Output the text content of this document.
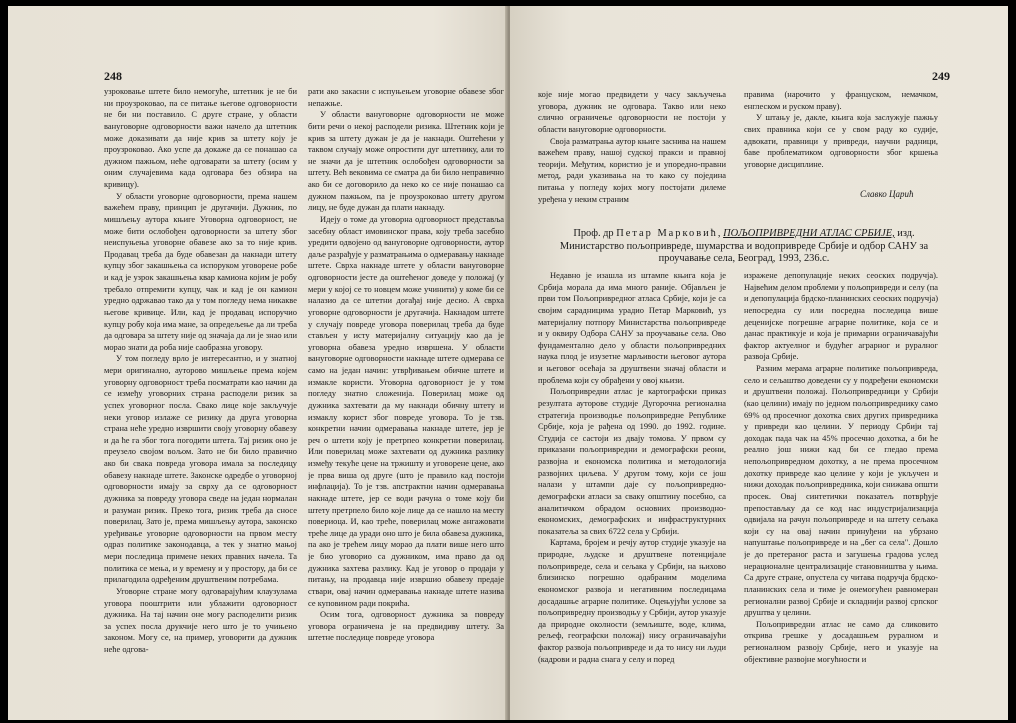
248

узроковање штете било немогуће, штетник је не би ни проузроковао, па се питање његове одговорности не би ни поставило. С друге стране, у области вануговорне одговорности важи начело да штетник може доказивати да није крив за штету коју је проузроковао. Ако успе да докаже да се понашао са дужном пажњом, неће одговарати за штету (осим у оним случајевима када одговара без обзира на кривицу).

У области уговорне одговорности, према нашем важећем праву, принцип је другачији. Дужник, по мишљењу аутора књиге Уговорна одговорност, не може бити ослобођен одговорности за штету због неиспуњења уговорне обавезе ако за то није крив. Продавац треба да буде обавезан да накнади штету купцу због закашњења са испоруком уговорене робе и кад је узрок закашњења квар камиона којим је робу требало отпремити купцу, чак и кад је он камион уредно одржавао тако да у том погледу нема никакве његове кривице. Или, кад је продавац испоручио купцу робу која има мане, за опредељење да ли треба да одговара за штету није од значаја да ли је знао или морао знати да роба није саобразна уговору.

У том погледу врло је интересантно, и у знатној мери оригинално, ауторово мишљење према којем уговорну одговорност треба посматрати као начин да се између уговорних страна расподели ризик за успех уговорног посла. Свако лице које закључује неки уговор излаже се ризику да друга уговорна страна неће уредно извршити своју уговорну обавезу и да ће га због тога погодити штета. Тај ризик оно је преузело својом вољом. Зато не би било правично ако би свака повреда уговора имала за последицу обавезу накнаде штете. Законске одредбе о уговорној одговорности имају за сврху да се одговорност дужника за повреду уговора сведе на један нормалан и разуман ризик. Преко тога, ризик треба да сносе поверилац. Зато је, према мишљењу аутора, законско уређивање уговорне одговорности на првом месту одраз политике законодавца, а тек у знатно мањој мери последица примене неких правних начела. Та политика се мења, и у времену и у простору, да би се прилагодила одређеним друштвеним потребама.

Уговорне стране могу одговарајућим клаузулама уговора пооштрити или ублажити одговорност дужника. На тај начин оне могу расподелити ризик за успех посла друкчије него што је то учињено законом. Могу се, на пример, уговорити да дужник неће одгова-

рати ако закасни с испуњењем уговорне обавезе због непажње.

У области вануговорне одговорности не може бити речи о некој расподели ризика. Штетник који је крив за штету дужан је да је накнади. Оштећени у таквом случају може опростити дуг штетнику, али то не значи да је штетник ослобођен одговорности за штету. Већ вековима се сматра да би било неправично ако би се договорило да неко ко се није понашао са дужном пажњом, па је проузроковао штету другом лицу, не буде дужан да плати накнаду.

Идеју о томе да уговорна одговорност представља засебну област имовинског права, коју треба засебно уредити одвојено од вануговорне одговорности, аутор даље разрађује у разматрањима о одмеравању накнаде штете. Сврха накнаде штете у области вануговорне одговорности јесте да оштећеног доведе у положај (у мери у којој се то новцем може учинити) у коме би се налазио да се штетни догађај није десио. А сврха уговорне одговорности је другачија. Накнадом штете у случају повреде уговора поверилац треба да буде стављен у исту материјалну ситуацију као да је уговорна обавеза уредно извршена. У области вануговорне одговорности накнаде штете одмерава се само на један начин: утврђивањем обичне штете и измакле користи. Уговорна одговорност је у том погледу знатно сложенија. Поверилац може од дужника захтевати да му накнади обичну штету и измаклу корист због повреде уговора. То је тзв. конкретни начин одмеравања накнаде штете, јер је реч о штети коју је претрпео конкретни поверилац. Или поверилац може захтевати од дужника разлику између текуће цене на тржишту и уговорене цене, ако је прва виша од друге (што је правило кад постоји инфлација). То је тзв. апстрактни начин одмеравања накнаде штете, јер се води рачуна о томе коју би штету претрпело било које лице да се нашло на месту повериоца. И, као треће, поверилац може ангажовати треће лице да уради оно што је била обавеза дужника, па ако је трећем лицу морао да плати више него што је био уговорио са дужником, има право да од дужника захтева разлику. Кад је уговор о продаји у питању, на продавца није извршио обавезу предаје ствари, овај начин одмеравања накнаде штете назива се куповином ради покрића.

Осим тога, одговорност дужника за повреду уговора ограничена је на предвидиву штету. За штетне последице повреде уговора

249

које није могао предвидети у часу закључења уговора, дужник не одговара. Такво или неко слично ограничење одговорности не постоји у области вануговорне одговорности.

Своја разматрања аутор књиге заснива на нашем важећем праву, нашој судској пракси и правној теорији. Међутим, користио је и упоредно-правни метод, ради указивања на то како су поједина питања у погледу којих могу постојати дилеме уређена у неким страним

правима (нарочито у француском, немачком, енглеском и руском праву).

У штању је, дакле, књига која заслужује пажњу свих правника који се у свом раду ко судије, адвокати, правници у привреди, научни радници, баве проблематиком одговорности због кршења уговорне дисциплине.

Славко Царић
Проф. др Петар Марковић, ПОЉОПРИВРЕДНИ АТЛАС СРБИЈЕ, изд. Министарство пољопривреде, шумарства и водопривреде Србије и одбор САНУ за проучавање села, Београд, 1993, 236.с.

Недавно је изашла из штампе књига која је Србија морала да има много раније. Објављен је први том Пољопривредног атласа Србије, који је са својим сарадницима урадио Петар Марковић, уз материјалну потпору Министарства пољопривреде и у оквиру Одбора САНУ за проучавање села. Ово фундаментално дело у области пољопривредних наука плод је изузетне марљивости његовог аутора и његовог осећаја за друштвени значај области и проблема који су обрађени у овој књизи.

Пољопривредни атлас је картографски приказ резултата ауторове студије Дугорочна регионална стратегија производње пољопривредне Републике Србије, која је рађена од 1990. до 1992. године. Студија се састоји из двају томова. У првом су приказани пољопривредни и демографски реони, развојна и економска политика и методологија развојних циљева. У другом тому, који се још налази у штампи даје су пољопривредно-демографски атласи за сваку општину посебно, са аналитичком обрадом основних производно-економских, демографских и инфраструктурних показатеља за свих 6722 села у Србији.

Картама, бројем и речју аутор студије указује на природне, људске и друштвене потенцијале пољопривреде, села и сељака у Србији, на њихово близинско погрешно одабраним моделима економског развоја и негативним последицама досадашње аграрне политике. Оцењујући услове за пољопривредну производњу у Србији, аутор указује да природне околности (земљиште, воде, клима, рељеф, географски положај) нису ограничавајући фактор развоја пољопривреде и да то нису ни људи (кадрови и радна снага у селу и поред

изражене депопулације неких сеоских подручја). Највећим делом проблеми у пољопривреди и селу (па и депопулација брдско-планинских сеоских подручја) непосредна су или посредна последица више деценијске погрешне аграрне политике, која се и данас практикује и која је примарни ограничавајући фактор актуелног и будућег аграрног и руралног развоја Србије.

Разним мерама аграрне политике пољопривреда, село и сељаштво доведени су у подређени економски и друштвени положај. Пољопривредници у Србији (као целини) имају по једном пољопривреднику само 69% од просечног дохотка свих других привредника у привреди као целини. У периоду Србији тај доходак пада чак на 45% просечно дохотка, а би ће реално још нижи кад би се гледао према непољопривредном дохотку, а не према просечном дохотку привреде као целине у који је укључен и нижи доходак пољопривредника, који снижава општи просек. Овај синтетички показатељ потврђује препостављку да се код нас индустријализација одвијала на рачун пољопривреде и на штету сељака који су на овај начин принуђени на убрзано напуштање пољопривреде и на „бег са села". Дошло је до претераног раста и загушења градова услед нерационалне централизације становништва у њима. Са друге стране, опустела су читава подручја брдско-планинских села и тиме је онемогућен равномеран регионални развој Србије и складнији развој српског друштва у целини.

Пољопривредни атлас не само да сликовито открива грешке у досадашњем руралном и регионалном развоју Србије, него и указује на објективне развојне могућности и
